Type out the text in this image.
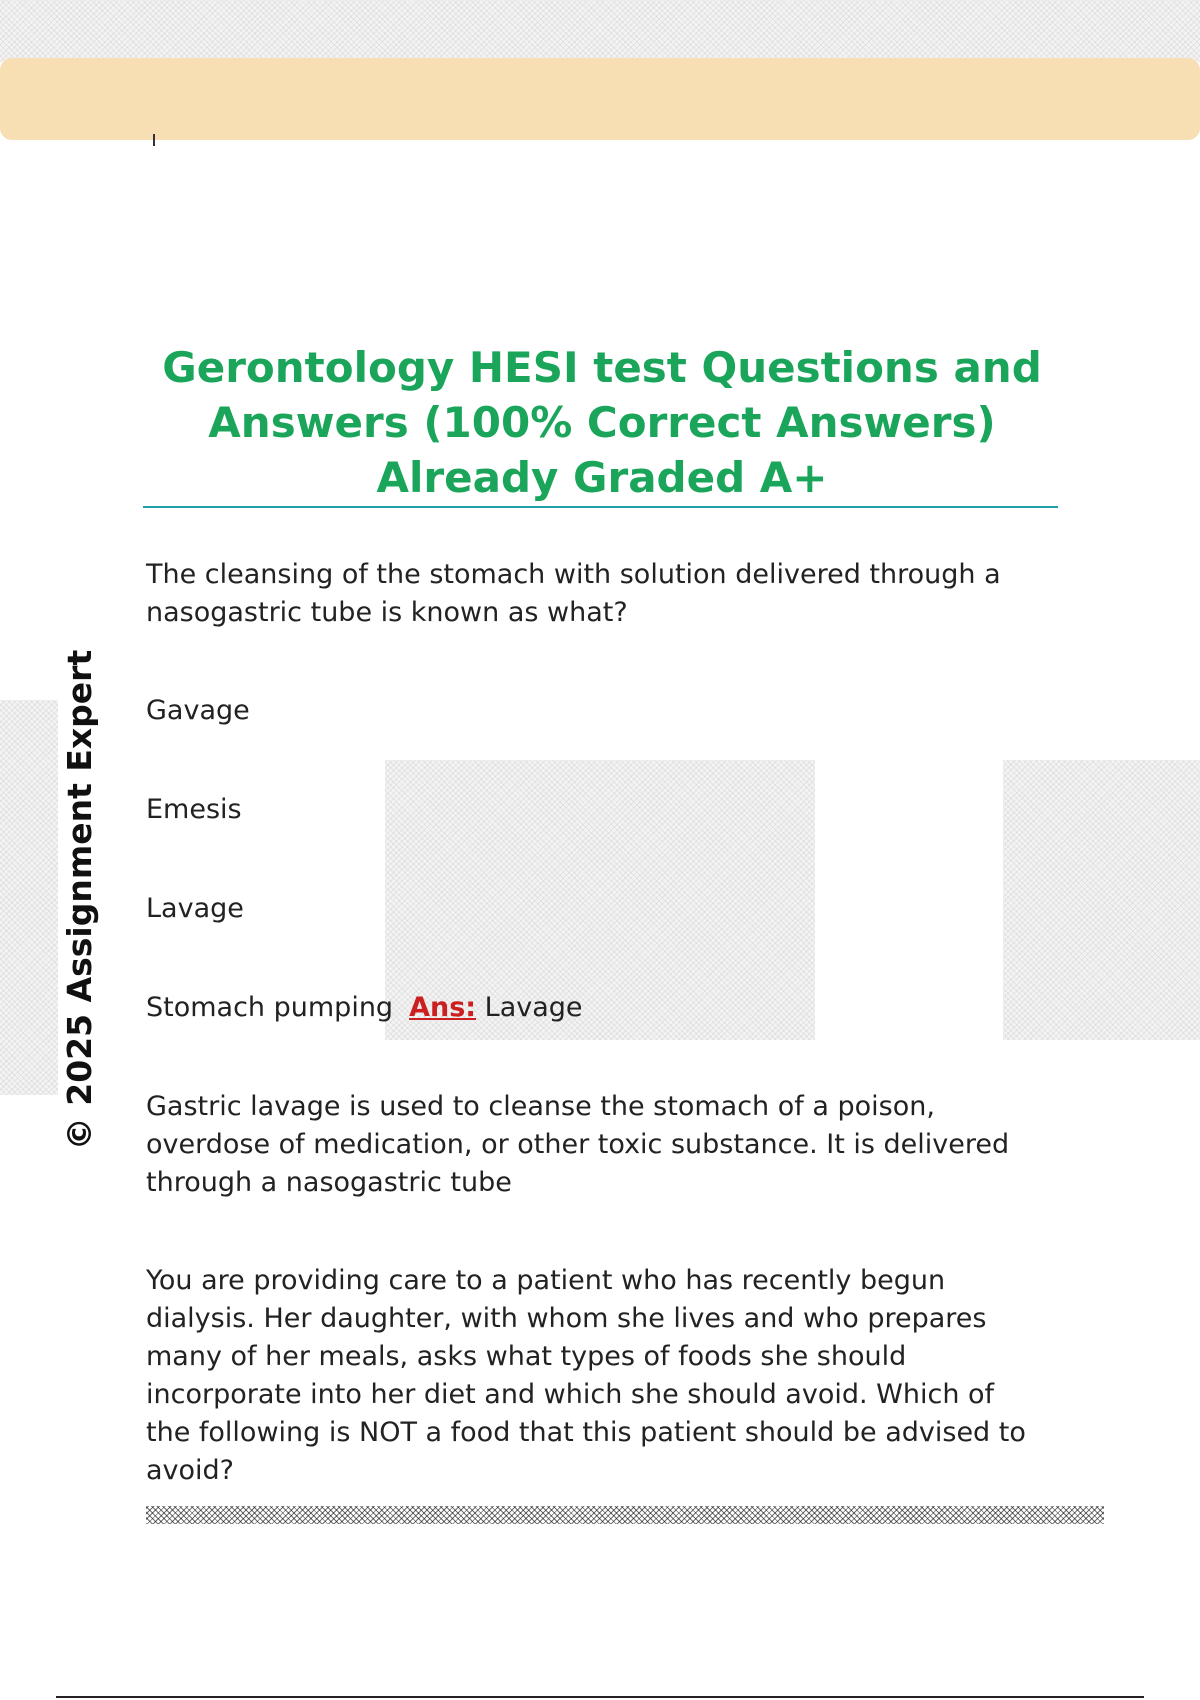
Gerontology HESI test Questions and Answers (100% Correct Answers) Already Graded A+

The cleansing of the stomach with solution delivered through a nasogastric tube is known as what?

Gavage

Emesis

Lavage

Stomach pumping Ans: Lavage

Gastric lavage is used to cleanse the stomach of a poison, overdose of medication, or other toxic substance. It is delivered through a nasogastric tube

You are providing care to a patient who has recently begun dialysis. Her daughter, with whom she lives and who prepares many of her meals, asks what types of foods she should incorporate into her diet and which she should avoid. Which of the following is NOT a food that this patient should be advised to avoid?

© 2025 Assignment Expert
